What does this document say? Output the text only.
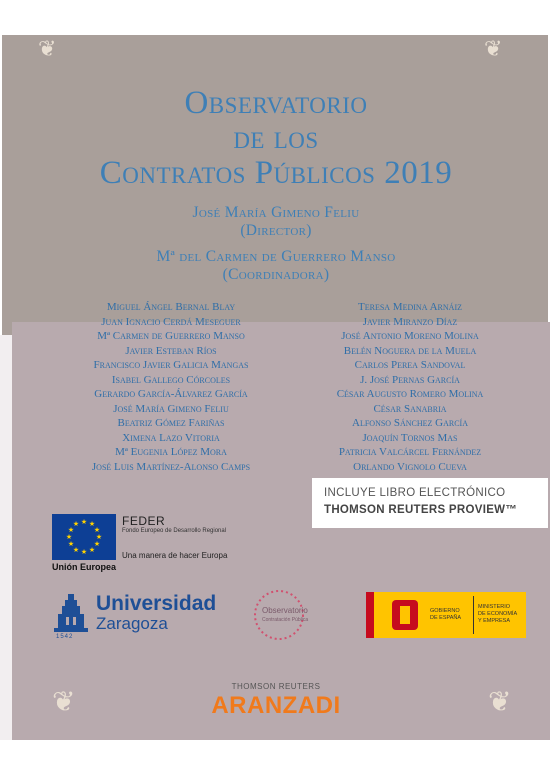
❦	❦
❦	❦
Observatorio
de los
Contratos Públicos 2019
José María Gimeno Feliu
(Director)
Mª del Carmen de Guerrero Manso
(Coordinadora)
Miguel Ángel Bernal Blay
Juan Ignacio Cerdá Meseguer
Mª Carmen de Guerrero Manso
Javier Esteban Ríos
Francisco Javier Galicia Mangas
Isabel Gallego Córcoles
Gerardo García-Álvarez García
José María Gimeno Feliu
Beatriz Gómez Fariñas
Ximena Lazo Vitoria
Mª Eugenia López Mora
José Luis Martínez-Alonso Camps
Teresa Medina Arnáiz
Javier Miranzo Díaz
José Antonio Moreno Molina
Belén Noguera de la Muela
Carlos Perea Sandoval
J. José Pernas García
César Augusto Romero Molina
César Sanabria
Alfonso Sánchez García
Joaquín Tornos Mas
Patricia Valcárcel Fernández
Orlando Vignolo Cueva
INCLUYE LIBRO ELECTRÓNICO
THOMSON REUTERS PROVIEW™
★ ★
★
★
★
★
★
★
★
★
★
★	FEDER
Fondo Europeo de Desarrollo Regional
Una manera de hacer Europa
Unión Europea
1542
Universidad
Zaragoza
Observatorio
Contratación Pública
GOBIERNO
DE ESPAÑA
MINISTERIO
DE ECONOMÍA
Y EMPRESA
THOMSON REUTERS
ARANZADI
